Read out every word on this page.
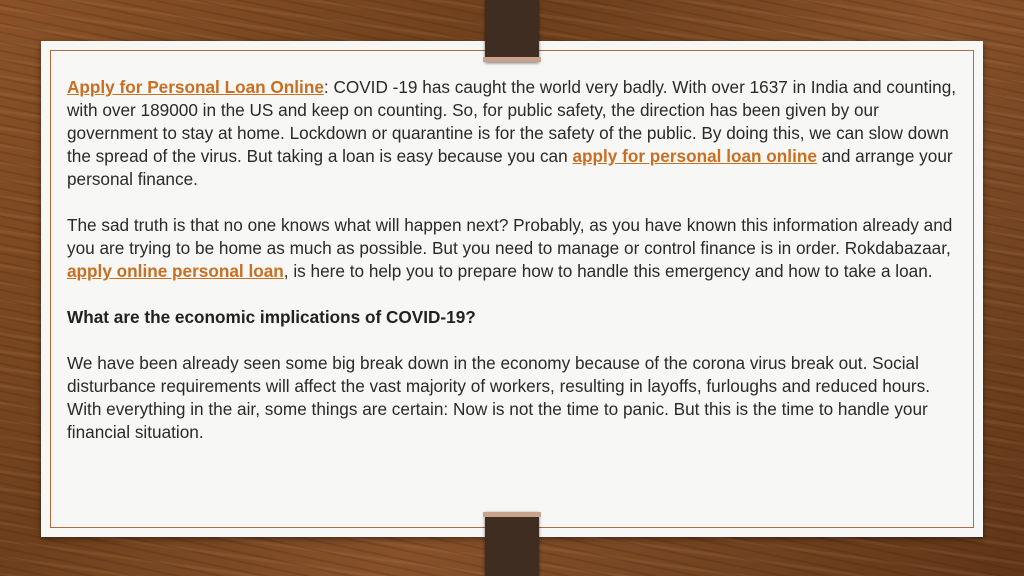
Apply for Personal Loan Online: COVID -19 has caught the world very badly. With over 1637 in India and counting, with over 189000 in the US and keep on counting. So, for public safety, the direction has been given by our government to stay at home. Lockdown or quarantine is for the safety of the public. By doing this, we can slow down the spread of the virus. But taking a loan is easy because you can apply for personal loan online and arrange your personal finance.

The sad truth is that no one knows what will happen next? Probably, as you have known this information already and you are trying to be home as much as possible. But you need to manage or control finance is in order. Rokdabazaar, apply online personal loan, is here to help you to prepare how to handle this emergency and how to take a loan.

What are the economic implications of COVID-19?

We have been already seen some big break down in the economy because of the corona virus break out. Social disturbance requirements will affect the vast majority of workers, resulting in layoffs, furloughs and reduced hours. With everything in the air, some things are certain: Now is not the time to panic. But this is the time to handle your financial situation.
